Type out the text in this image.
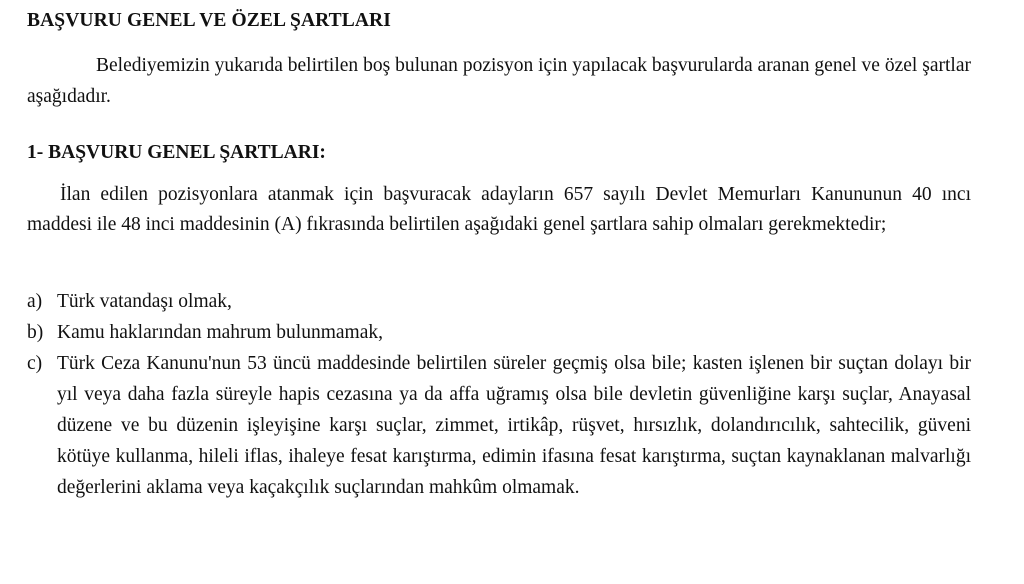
BAŞVURU GENEL VE ÖZEL ŞARTLARI

Belediyemizin yukarıda belirtilen boş bulunan pozisyon için yapılacak başvurularda aranan genel ve özel şartlar aşağıdadır.

1- BAŞVURU GENEL ŞARTLARI:

İlan edilen pozisyonlara atanmak için başvuracak adayların 657 sayılı Devlet Memurları Kanununun 40 ıncı maddesi ile 48 inci maddesinin (A) fıkrasında belirtilen aşağıdaki genel şartlara sahip olmaları gerekmektedir;

a) Türk vatandaşı olmak,
b) Kamu haklarından mahrum bulunmamak,
c) Türk Ceza Kanunu'nun 53 üncü maddesinde belirtilen süreler geçmiş olsa bile; kasten işlenen bir suçtan dolayı bir yıl veya daha fazla süreyle hapis cezasına ya da affa uğramış olsa bile devletin güvenliğine karşı suçlar, Anayasal düzene ve bu düzenin işleyişine karşı suçlar, zimmet, irtikâp, rüşvet, hırsızlık, dolandırıcılık, sahtecilik, güveni kötüye kullanma, hileli iflas, ihaleye fesat karıştırma, edimin ifasına fesat karıştırma, suçtan kaynaklanan malvarlığı değerlerini aklama veya kaçakçılık suçlarından mahkûm olmamak.
